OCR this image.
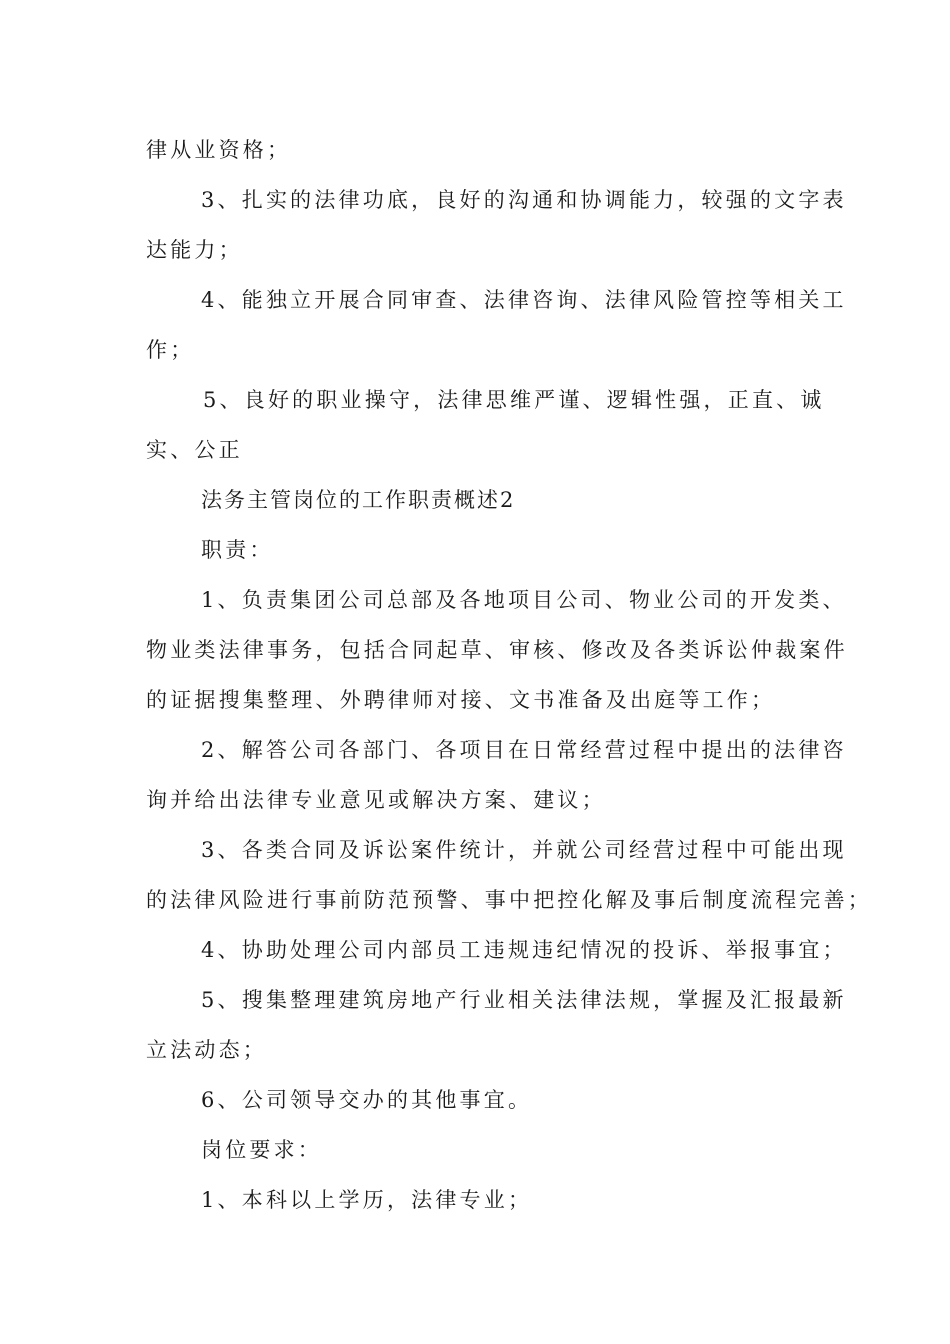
律从业资格；
3、扎实的法律功底，良好的沟通和协调能力，较强的文字表
达能力；
4、能独立开展合同审查、法律咨询、法律风险管控等相关工
作；
5、良好的职业操守，法律思维严谨、逻辑性强，正直、诚
实、公正
法务主管岗位的工作职责概述2
职责：
1、负责集团公司总部及各地项目公司、物业公司的开发类、
物业类法律事务，包括合同起草、审核、修改及各类诉讼仲裁案件
的证据搜集整理、外聘律师对接、文书准备及出庭等工作；
2、解答公司各部门、各项目在日常经营过程中提出的法律咨
询并给出法律专业意见或解决方案、建议；
3、各类合同及诉讼案件统计，并就公司经营过程中可能出现
的法律风险进行事前防范预警、事中把控化解及事后制度流程完善；
4、协助处理公司内部员工违规违纪情况的投诉、举报事宜；
5、搜集整理建筑房地产行业相关法律法规，掌握及汇报最新
立法动态；
6、公司领导交办的其他事宜。
岗位要求：
1、本科以上学历，法律专业；
